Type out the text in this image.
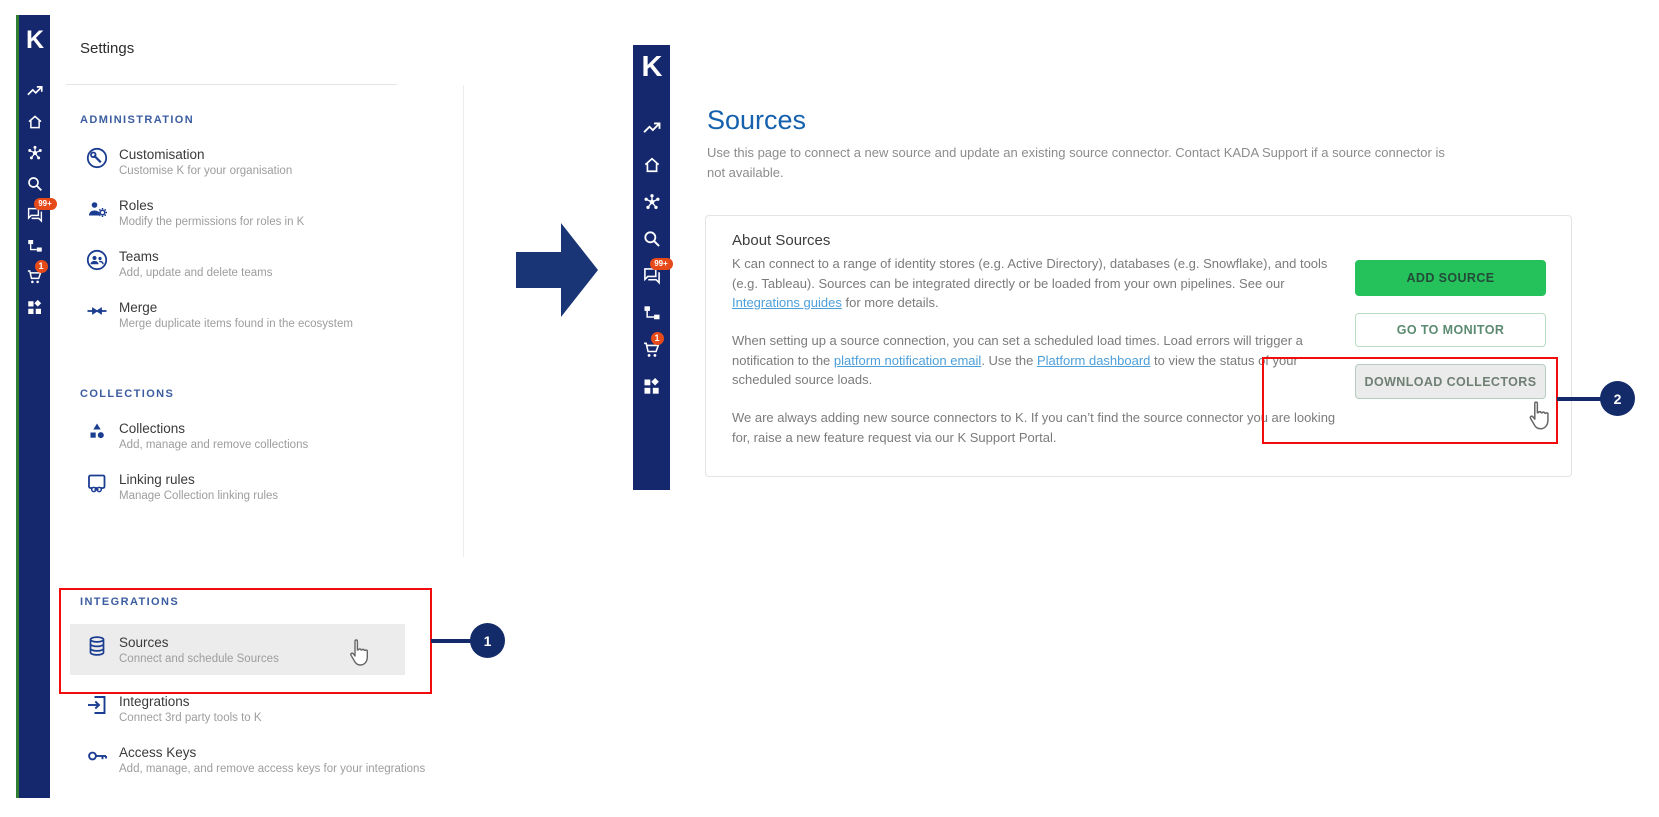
K
99+
1
Settings
ADMINISTRATION
Customisation
Customise K for your organisation
Roles
Modify the permissions for roles in K
Teams
Add, update and delete teams
Merge
Merge duplicate items found in the ecosystem
COLLECTIONS
Collections
Add, manage and remove collections
Linking rules
Manage Collection linking rules
INTEGRATIONS
Sources
Connect and schedule Sources
Integrations
Connect 3rd party tools to K
Access Keys
Add, manage, and remove access keys for your integrations
K
99+
1
Sources
Use this page to connect a new source and update an existing source connector. Contact KADA Support if a source connector is not available.
About Sources
K can connect to a range of identity stores (e.g. Active Directory), databases (e.g. Snowflake), and tools (e.g. Tableau). Sources can be integrated directly or be loaded from your own pipelines. See our Integrations guides for more details.
When setting up a source connection, you can set a scheduled load times. Load errors will trigger a notification to the platform notification email. Use the Platform dashboard to view the status of your scheduled source loads.
We are always adding new source connectors to K. If you can’t find the source connector you are looking for, raise a new feature request via our K Support Portal.
ADD SOURCE
GO TO MONITOR
DOWNLOAD COLLECTORS
1
2
